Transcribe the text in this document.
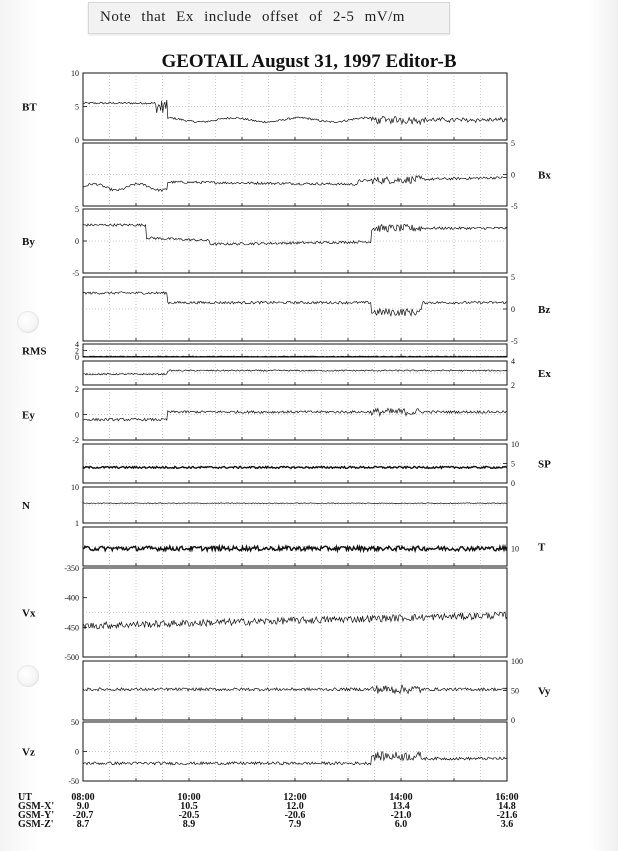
Note that Ex include offset of 2-5 mV/m
GEOTAIL August 31, 1997 Editor-B
10
5
0
BT
5
0
-5
Bx
5
0
-5
By
5
0
-5
Bz
4
2
0
RMS
4
2
Ex
2
0
-2
Ey
10
5
0
SP
10
1
N
10 T
-350
-400
-450
-500
Vx
100
50
0
Vy
50
0
-50
Vz
UT	08:00	10:00	12:00	14:00	16:00
GSM-X' 9.0	10.5	12.0	13.4	14.8
GSM-Y' -20.7	-20.5	-20.6	-21.0	-21.6
GSM-Z' 8.7	8.9	7.9	6.0	3.6
